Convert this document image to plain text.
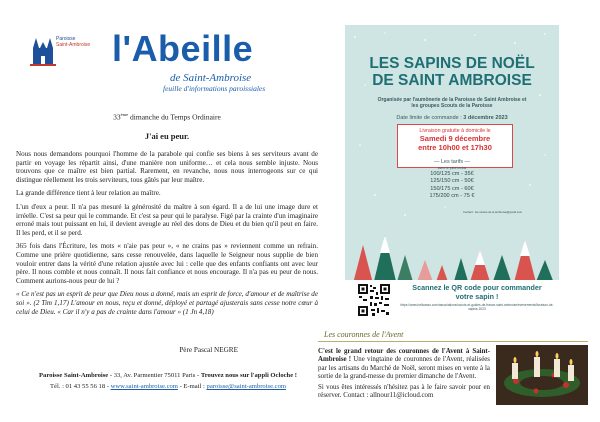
Paroisse
Saint-Ambroise l'Abeille
de Saint-Ambroise
feuille d'informations paroissiales
33ème dimanche du Temps Ordinaire
J'ai eu peur.

Nous nous demandons pourquoi l'homme de la parabole qui confie ses biens à ses serviteurs avant de partir en voyage les répartit ainsi, d'une manière non uniforme… et cela nous semble injuste. Nous trouvons que ce maître est bien partial. Rarement, en revanche, nous nous interrogeons sur ce qui distingue réellement les trois serviteurs, tous gâtés par leur maître.

La grande différence tient à leur relation au maître.

L'un d'eux a peur. Il n'a pas mesuré la générosité du maître à son égard. Il a de lui une image dure et irréelle. C'est sa peur qui le commande. Et c'est sa peur qui le paralyse. Figé par la crainte d'un imaginaire erroné mais tout puissant en lui, il devient aveugle au réel des dons de Dieu et du bien qu'il peut en faire. Il les perd, et il se perd.

365 fois dans l'Écriture, les mots « n'aie pas peur », « ne crains pas » reviennent comme un refrain. Comme une prière quotidienne, sans cesse renouvelée, dans laquelle le Seigneur nous supplie de bien vouloir entrer dans la vérité d'une relation ajustée avec lui : celle que des enfants confiants ont avec leur père. Il nous comble et nous connaît. Il nous fait confiance et nous encourage. Il n'a pas eu peur de nous. Comment aurions-nous peur de lui ?

« Ce n'est pas un esprit de peur que Dieu nous a donné, mais un esprit de force, d'amour et de maîtrise de soi ». (2 Tim 1,17) L'amour en nous, reçu et donné, déployé et partagé ajusterais sans cesse notre cœur à celui de Dieu. « Car il n'y a pas de crainte dans l'amour » (1 Jn 4,18)

Père Pascal NEGRE
Paroisse Saint-Ambroise - 33, Av. Parmentier 75011 Paris - Trouvez nous sur l'appli Ocloche !
Tél. : 01 43 55 56 18 - www.saint-ambroise.com - E-mail : paroisse@saint-ambroise.com
LES SAPINS DE NOËL
DE SAINT AMBROISE
Organisée par l'aumônerie de la Paroisse de Saint Ambroise et
les groupes Scouts de la Paroisse
Date limite de commande : 3 décembre 2023
Livraison gratuite à domicile le
Samedi 9 décembre
entre 10h00 et 17h30
— Les tarifs —
avec le pied inclus
100/125 cm - 35€
125/150 cm - 50€
150/175 cm - 60€
175/200 cm - 75 €
Contact : les.scouts.de.st.ambroise@gmail.com
Scannez le QR code pour commander
votre sapin !
https://www.helloasso.com/associations/scouts-et-guides-de-france-saint-ambroise/evenements/livraison-de-sapins-2023
Les couronnes de l'Avent

C'est le grand retour des couronnes de l'Avent à Saint-Ambroise ! Une vingtaine de couronnes de l'Avent, réalisées par les artisans du Marché de Noël, seront mises en vente à la sortie de la grand-messe du premier dimanche de l'Avent.

Si vous êtes intéressés n'hésitez pas à le faire savoir pour en réserver. Contact : allnour11@icloud.com
